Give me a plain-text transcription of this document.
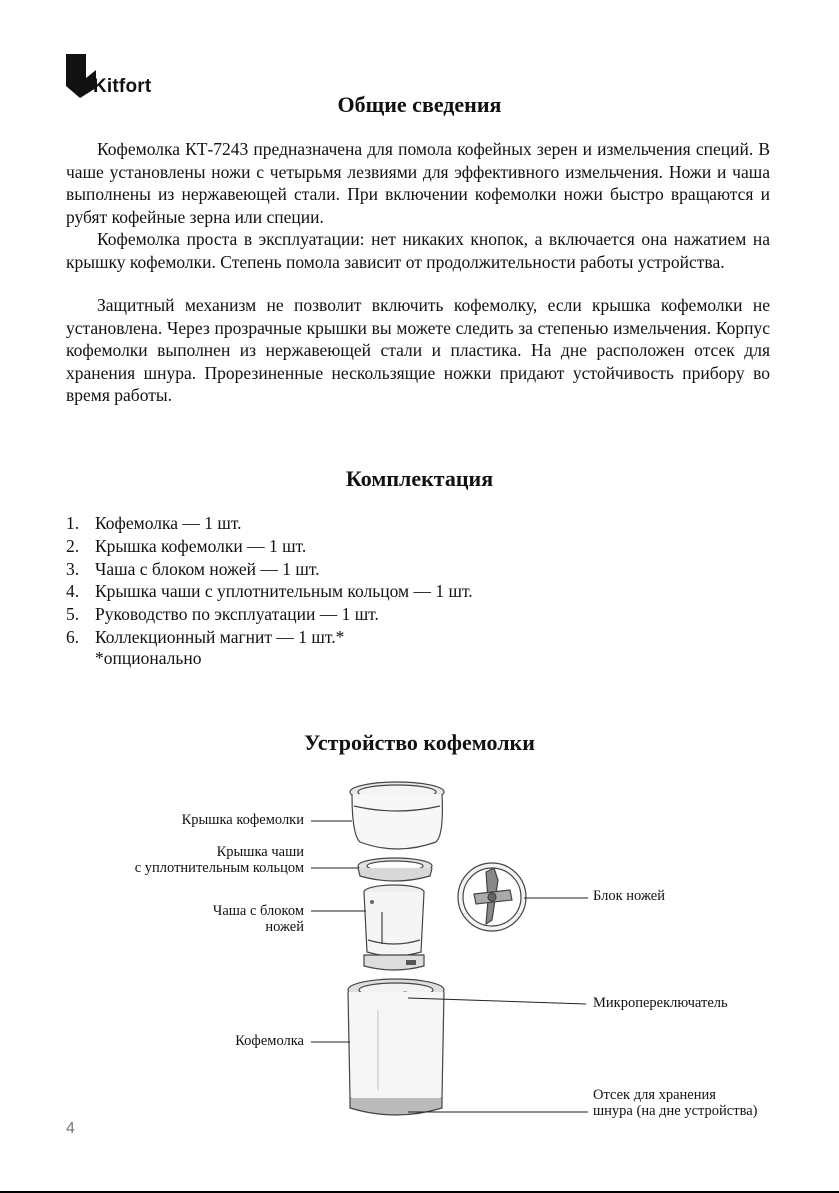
Kitfort
Общие сведения

Кофемолка КТ-7243 предназначена для помола кофейных зерен и измельчения специй. В чаше установлены ножи с четырьмя лезвиями для эффективного измельчения. Ножи и чаша выполнены из нержавеющей стали. При включении кофемолки ножи быстро вращаются и рубят кофейные зерна или специи.

Кофемолка проста в эксплуатации: нет никаких кнопок, а включается она нажатием на крышку кофемолки. Степень помола зависит от продолжительности работы устройства.

Защитный механизм не позволит включить кофемолку, если крышка кофемолки не установлена. Через прозрачные крышки вы можете следить за степенью измельчения. Корпус кофемолки выполнен из нержавеющей стали и пластика. На дне расположен отсек для хранения шнура. Прорезиненные нескользящие ножки придают устойчивость прибору во время работы.

Комплектация
1. Кофемолка — 1 шт.
2. Крышка кофемолки — 1 шт.
3. Чаша с блоком ножей — 1 шт.
4. Крышка чаши с уплотнительным кольцом — 1 шт.
5. Руководство по эксплуатации — 1 шт.
6. Коллекционный магнит — 1 шт.*
*опционально
Устройство кофемолки
Крышка кофемолки
Крышка чаши
с уплотнительным кольцом
Чаша с блоком
ножей
Кофемолка
Блок ножей
Микропереключатель
Отсек для хранения
шнура (на дне устройства)
4
